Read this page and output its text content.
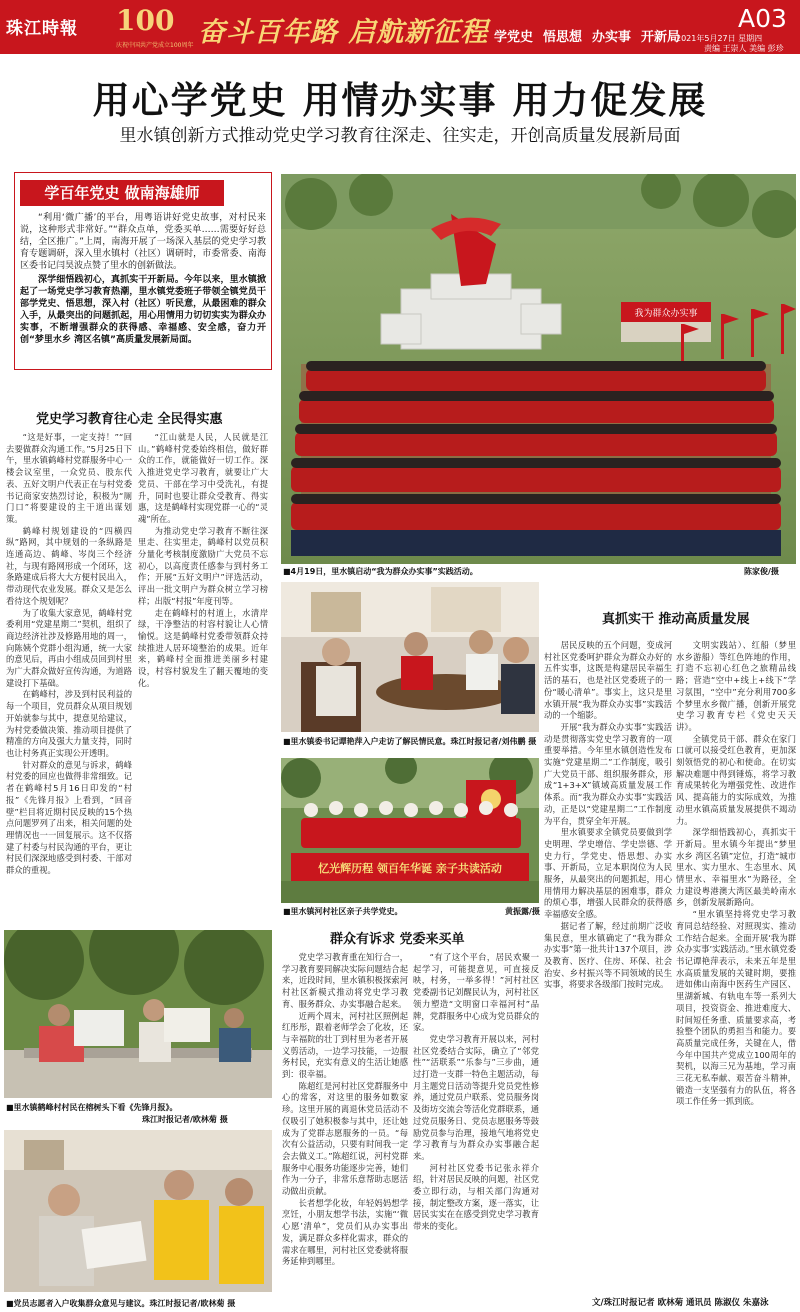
珠江時報 100
庆祝中国共产党成立100周年 奋斗百年路 启航新征程 学党史 悟思想 办实事 开新局
A03
2021年5月27日 星期四
责编 王崇人 美编 彭珍
用心学党史 用情办实事 用力促发展
里水镇创新方式推动党史学习教育往深走、往实走，开创高质量发展新局面
学百年党史 做南海雄师

“利用‘微广播’的平台，用粤语讲好党史故事，对村民来说，这种形式非常好。”“群众点单，党委买单……需要好好总结，全区推广。”上周，南海开展了一场深入基层的党史学习教育专题调研，深入里水镇村（社区）调研时，市委常委、南海区委书记闫昊波点赞了里水的创新做法。

深学细悟践初心，真抓实干开新局。今年以来，里水镇掀起了一场党史学习教育热潮，里水镇党委班子带领全镇党员干部学党史、悟思想，深入村（社区）听民意，从最困难的群众入手，从最突出的问题抓起，用心用情用力切切实实为群众办实事，不断增强群众的获得感、幸福感、安全感，奋力开创“梦里水乡 湾区名镇”高质量发展新局面。

我为群众办实事
■4月19日，里水镇启动“我为群众办实事”实践活动。	陈家俊/摄
党史学习教育往心走 全民得实惠

“这是好事，一定支持！”“回去要做群众沟通工作。”5月25日下午，里水镇鹤峰村党群服务中心一楼会议室里，一众党员、股东代表、五好文明户代表正在与村党委书记商家安热烈讨论，积极为“厕门口”将要建设的主干道出谋划策。

鹤峰村规划建设的“四横四纵”路网，其中规划的一条纵路是连通高边、鹤峰、岑岗三个经济社，与现有路网形成一个闭环，这条路建成后将大大方便村民出入，带动现代农业发展。群众又是怎么看待这个规划呢？

为了收集大家意见，鹤峰村党委利用“党建星期二”契机，组织了商边经济社涉及修路用地的周一，向陈姨个党群小组沟通，统一大家的意见后，再由小组成员回到村里为广大群众做好宣传沟通，为道路建设打下基础。

在鹤峰村，涉及到村民利益的每一个项目，党员群众从项目规划开始就参与其中，提意见给建议，为村党委做决策、推动项目提供了精准的方向及强大力量支持，同时也让村务真正实现公开透明。

针对群众的意见与诉求，鹤峰村党委的回应也做得非常细致。记者在鹤峰村5月16日印发的“村报”《先锋月报》上看到，“回音壁”栏目将近期村民反映的15个热点问题罗列了出来，相关问题的处理情况也一一回复展示。这不仅搭建了村委与村民沟通的平台，更让村民们深深地感受到村委、干部对群众的重视。

“江山就是人民，人民就是江山。”鹤峰村党委始终相信，做好群众的工作，就能做好一切工作。深入推进党史学习教育，就要让广大党员、干部在学习中受洗礼，有提升，同时也要让群众受教育、得实惠，这是鹤峰村实现党群一心的“灵魂”所在。

为推动党史学习教育不断往深里走、往实里走，鹤峰村以党员积分量化考核制度激励广大党员不忘初心，以高度责任感参与到村务工作；开展“五好文明户”评选活动，评出一批文明户为群众树立学习榜样；出版“村报”年度刊等。

走在鹤峰村的村道上，水清岸绿，干净整洁的村容村貌让人心情愉悦。这是鹤峰村党委带领群众持续推进人居环境整治的成果。近年来，鹤峰村全面推进美丽乡村建设，村容村貌发生了翻天覆地的变化。

■里水镇委书记谭艳萍入户走访了解民情民意。珠江时报记者/刘伟鹏 摄
忆光辉历程 领百年华诞 亲子共读活动
■里水镇河村社区亲子共学党史。	黄振露/摄
真抓实干 推动高质量发展

居民反映的五个问题，变成河村社区党委呵护群众为群众办好的五件实事，这既是构建居民幸福生活的基石，也是社区党委班子的一份“暖心清单”。事实上，这只是里水镇开展“我为群众办实事”实践活动的一个缩影。

开展“我为群众办实事”实践活动是贯彻落实党史学习教育的一项重要举措。今年里水镇创造性发布实施“党建星期二”工作制度，吸引广大党员干部、组织服务群众，形成“1+3+X”镇域高质量发展工作体系。而“我为群众办实事”实践活动，正是以“党建星期二”工作制度为平台，贯穿全年开展。

里水镇要求全镇党员要做到学史明理、学史增信、学史崇德、学史力行，学党史、悟思想、办实事、开新局，立足本职岗位为人民服务，从最突出的问题抓起，用心用情用力解决基层的困难事，群众的烦心事，增强人民群众的获得感幸福感安全感。

据记者了解，经过前期广泛收集民意，里水镇确定了“我为群众办实事”第一批共计137个项目，涉及教育、医疗、住房、环保、社会治安、乡村振兴等不同领域的民生实事，将要求各级部门按时完成。

文明实践站）、红船（梦里水乡游船）等红色阵地的作用，打造不忘初心红色之旅精品线路；营造“空中+线上+线下”学习氛围，“空中”充分利用700多个梦里水乡微广播，创新开展党史学习教育专栏《党史天天讲》。

全镇党员干部、群众在家门口就可以接受红色教育，更加深刻领悟党的初心和使命。在切实解决难题中得到锤炼，将学习教育成果转化为增强党性、改进作风、提高能力的实际成效，为推动里水镇高质量发展提供不竭动力。

深学细悟践初心，真抓实干开新局。里水镇今年提出“梦里水乡 湾区名镇”定位，打造“城市里水、实力里水、生态里水、风情里水、幸福里水”为路径，全力建设粤港澳大湾区最美岭南水乡，创新发展新路向。

“里水镇坚持将党史学习教育同总结经验、对照现实、推动工作结合起来。全面开展‘我为群众办实事’实践活动。”里水镇党委书记谭艳萍表示，未来五年是里水高质量发展的关键时期，要推进如佛山南海中医药生产园区、里湖新城、有轨电车等一系列大项目，投资资金、推进难度大、时间短任务重、质量要求高，考验整个团队的勇担当和能力。要高质量完成任务，关键在人，借今年中国共产党成立100周年的契机，以海三兄为基地，学习南三花无私奉献、艰苦奋斗精神，锻造一支坚强有力的队伍，将各项工作任务一抓到底。

■里水镇鹤峰村村民在榕树头下看《先锋月报》。
珠江时报记者/欧林菊 摄
■党员志愿者入户收集群众意见与建议。珠江时报记者/欧林菊 摄
群众有诉求 党委来买单

党史学习教育重在知行合一，学习教育要同解决实际问题结合起来，近段时间，里水镇积极探索河村社区新模式推动将党史学习教育、服务群众、办实事融合起来。

近两个周末，河村社区照例起红彤彤，跟着老师学会了化妆，还与幸福院的壮丁到村里为老者开展义剪活动，一边学习技能，一边服务村民，充实有意义的生活让她感到：很幸福。

陈超红是河村社区党群服务中心的常客，对这里的服务如数家珍。这里开展的离退休党员活动不仅吸引了她积极参与其中，还让她成为了党群志愿服务的一员。“每次有公益活动，只要有时间我一定会去做义工。”陈超红说，河村党群服务中心服务功能逐步完善，她们作为一分子，非常乐意帮助志愿活动做出贡献。

长者想学化妆，年轻妈妈想学烹饪，小朋友想学书法，实施“‘微心愿’清单”，党员们从办实事出发，满足群众多样化需求，群众的需求在哪里，河村社区党委就将服务延伸到哪里。

“有了这个平台，居民欢聚一起学习，可能提意见，可直接反映，村务，一举多得！”河村社区党委副书记刘醒民认为，河村社区领力塑造“文明窗口幸福河村”品牌，党群服务中心成为党员群众的家。

党史学习教育开展以来，河村社区党委结合实际，确立了“邻党性”“活联系”“乐参与”三步曲，通过打造一支群一特色主题活动，每月主题党日活动等提升党员党性修养，通过党员户联系、党员服务岗及街坊交流会等活化党群联系，通过党员服务日、党员志愿服务等鼓励党员参与治理，接地气地将党史学习教育与为群众办实事融合起来。

河村社区党委书记张永祥介绍，针对居民反映的问题，社区党委立即行动，与相关部门沟通对接，制定整改方案，逐一落实，让居民实实在在感受到党史学习教育带来的变化。

文/珠江时报记者 欧林菊 通讯员 陈淑仪 朱嘉泳
